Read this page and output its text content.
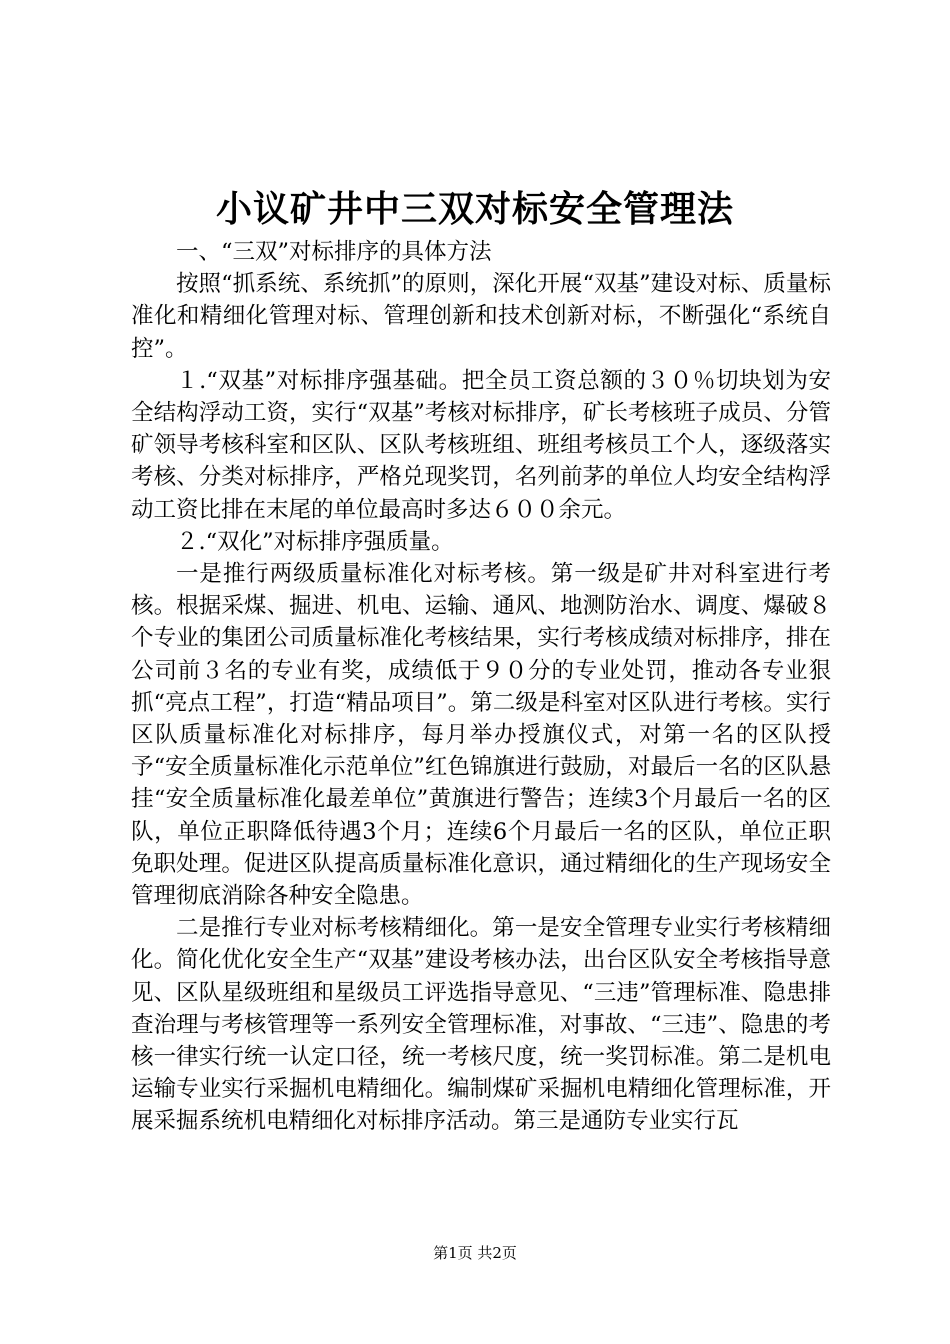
小议矿井中三双对标安全管理法

一、“三双”对标排序的具体方法

按照“抓系统、系统抓”的原则，深化开展“双基”建设对标、质量标准化和精细化管理对标、管理创新和技术创新对标，不断强化“系统自控”。

１.“双基”对标排序强基础。把全员工资总额的３０％切块划为安全结构浮动工资，实行“双基”考核对标排序，矿长考核班子成员、分管矿领导考核科室和区队、区队考核班组、班组考核员工个人，逐级落实考核、分类对标排序，严格兑现奖罚，名列前茅的单位人均安全结构浮动工资比排在末尾的单位最高时多达６００余元。

２.“双化”对标排序强质量。

一是推行两级质量标准化对标考核。第一级是矿井对科室进行考核。根据采煤、掘进、机电、运输、通风、地测防治水、调度、爆破８个专业的集团公司质量标准化考核结果，实行考核成绩对标排序，排在公司前３名的专业有奖，成绩低于９０分的专业处罚，推动各专业狠抓“亮点工程”，打造“精品项目”。第二级是科室对区队进行考核。实行区队质量标准化对标排序，每月举办授旗仪式，对第一名的区队授予“安全质量标准化示范单位”红色锦旗进行鼓励，对最后一名的区队悬挂“安全质量标准化最差单位”黄旗进行警告；连续3个月最后一名的区队，单位正职降低待遇3个月；连续6个月最后一名的区队，单位正职免职处理。促进区队提高质量标准化意识，通过精细化的生产现场安全管理彻底消除各种安全隐患。

二是推行专业对标考核精细化。第一是安全管理专业实行考核精细化。简化优化安全生产“双基”建设考核办法，出台区队安全考核指导意见、区队星级班组和星级员工评选指导意见、“三违”管理标准、隐患排查治理与考核管理等一系列安全管理标准，对事故、“三违”、隐患的考核一律实行统一认定口径，统一考核尺度，统一奖罚标准。第二是机电运输专业实行采掘机电精细化。编制煤矿采掘机电精细化管理标准，开展采掘系统机电精细化对标排序活动。第三是通防专业实行瓦

第1页 共2页
